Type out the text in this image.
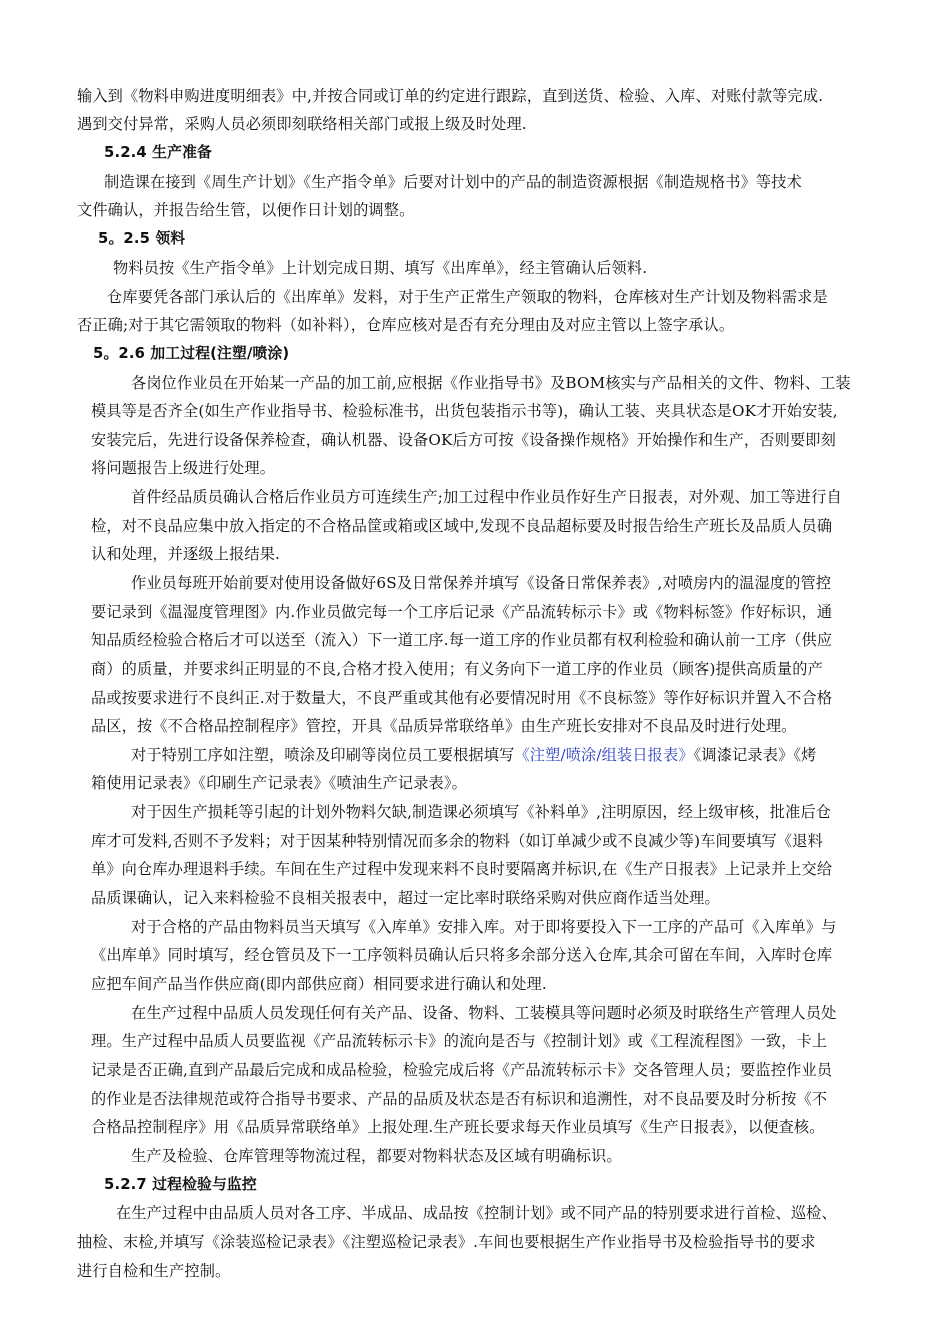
输入到《物料申购进度明细表》中,并按合同或订单的约定进行跟踪，直到送货、检验、入库、对账付款等完成.
遇到交付异常，采购人员必须即刻联络相关部门或报上级及时处理.
5.2.4 生产准备
制造课在接到《周生产计划》《生产指令单》后要对计划中的产品的制造资源根据《制造规格书》等技术
文件确认，并报告给生管，以便作日计划的调整。
5。2.5 领料
物料员按《生产指令单》上计划完成日期、填写《出库单》，经主管确认后领料.
仓库要凭各部门承认后的《出库单》发料，对于生产正常生产领取的物料，仓库核对生产计划及物料需求是
否正确;对于其它需领取的物料（如补料），仓库应核对是否有充分理由及对应主管以上签字承认。
5。2.6 加工过程(注塑/喷涂)
各岗位作业员在开始某一产品的加工前,应根据《作业指导书》及BOM核实与产品相关的文件、物料、工装
模具等是否齐全(如生产作业指导书、检验标准书，出货包装指示书等)，确认工装、夹具状态是OK才开始安装,
安装完后，先进行设备保养检查，确认机器、设备OK后方可按《设备操作规格》开始操作和生产，否则要即刻
将问题报告上级进行处理。
首件经品质员确认合格后作业员方可连续生产;加工过程中作业员作好生产日报表，对外观、加工等进行自
检，对不良品应集中放入指定的不合格品筐或箱或区域中,发现不良品超标要及时报告给生产班长及品质人员确
认和处理，并逐级上报结果.
作业员每班开始前要对使用设备做好6S及日常保养并填写《设备日常保养表》,对喷房内的温湿度的管控
要记录到《温湿度管理图》内.作业员做完每一个工序后记录《产品流转标示卡》或《物料标签》作好标识，通
知品质经检验合格后才可以送至（流入）下一道工序.每一道工序的作业员都有权利检验和确认前一工序（供应
商）的质量，并要求纠正明显的不良,合格才投入使用；有义务向下一道工序的作业员（顾客)提供高质量的产
品或按要求进行不良纠正.对于数量大，不良严重或其他有必要情况时用《不良标签》等作好标识并置入不合格
品区，按《不合格品控制程序》管控，开具《品质异常联络单》由生产班长安排对不良品及时进行处理。
对于特别工序如注塑，喷涂及印刷等岗位员工要根据填写《注塑/喷涂/组装日报表》《调漆记录表》《烤
箱使用记录表》《印刷生产记录表》《喷油生产记录表》。
对于因生产损耗等引起的计划外物料欠缺,制造课必须填写《补料单》,注明原因，经上级审核，批准后仓
库才可发料,否则不予发料；对于因某种特别情况而多余的物料（如订单减少或不良减少等)车间要填写《退料
单》向仓库办理退料手续。车间在生产过程中发现来料不良时要隔离并标识,在《生产日报表》上记录并上交给
品质课确认，记入来料检验不良相关报表中，超过一定比率时联络采购对供应商作适当处理。
对于合格的产品由物料员当天填写《入库单》安排入库。对于即将要投入下一工序的产品可《入库单》与
《出库单》同时填写，经仓管员及下一工序领料员确认后只将多余部分送入仓库,其余可留在车间，入库时仓库
应把车间产品当作供应商(即内部供应商）相同要求进行确认和处理.
在生产过程中品质人员发现任何有关产品、设备、物料、工装模具等问题时必须及时联络生产管理人员处
理。生产过程中品质人员要监视《产品流转标示卡》的流向是否与《控制计划》或《工程流程图》一致，卡上
记录是否正确,直到产品最后完成和成品检验，检验完成后将《产品流转标示卡》交各管理人员；要监控作业员
的作业是否法律规范或符合指导书要求、产品的品质及状态是否有标识和追溯性，对不良品要及时分析按《不
合格品控制程序》用《品质异常联络单》上报处理.生产班长要求每天作业员填写《生产日报表》，以便查核。
生产及检验、仓库管理等物流过程，都要对物料状态及区域有明确标识。
5.2.7 过程检验与监控
在生产过程中由品质人员对各工序、半成品、成品按《控制计划》或不同产品的特别要求进行首检、巡检、
抽检、末检,并填写《涂装巡检记录表》《注塑巡检记录表》.车间也要根据生产作业指导书及检验指导书的要求
进行自检和生产控制。
